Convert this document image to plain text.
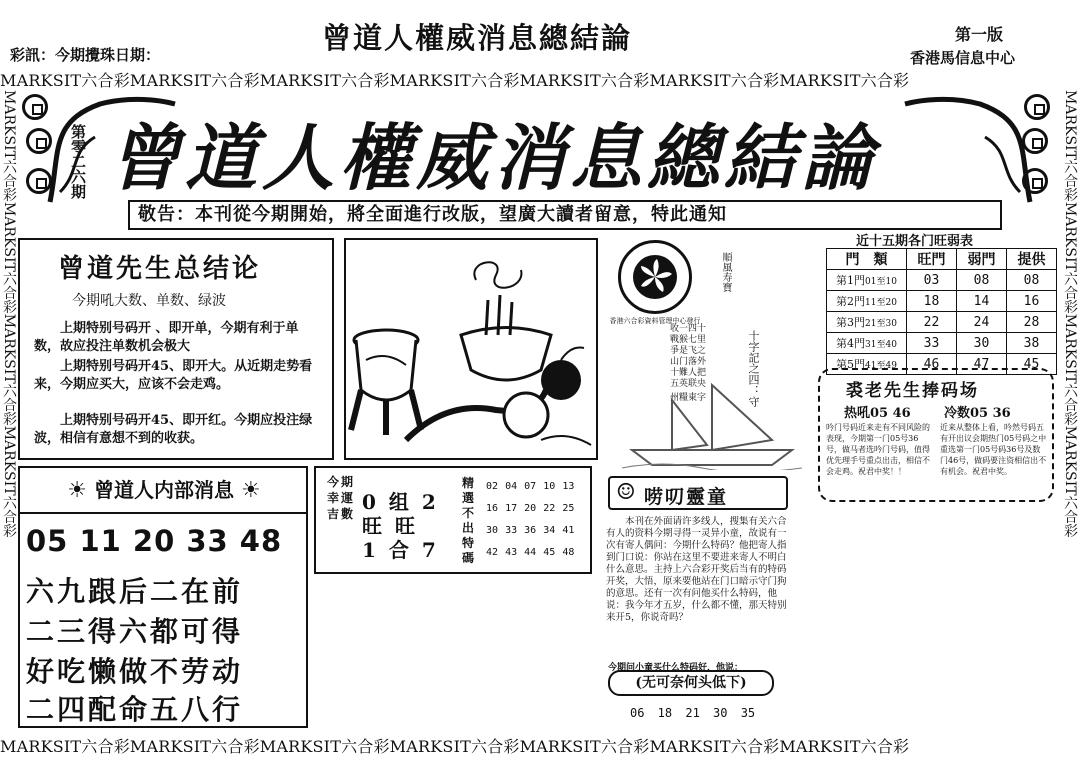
彩訊：今期攪珠日期：	曾道人權威消息總結論	第一版
香港馬信息中心
MARKSIT六合彩MARKSIT六合彩MARKSIT六合彩MARKSIT六合彩MARKSIT六合彩MARKSIT六合彩MARKSIT六合彩
MARKSIT六合彩MARKSIT六合彩MARKSIT六合彩MARKSIT六合彩MARKSIT六合彩MARKSIT六合彩MARKSIT六合彩
MARKSIT六合彩MARKSIT六合彩MARKSIT六合彩MARKSIT六合彩	MARKSIT六合彩MARKSIT六合彩MARKSIT六合彩MARKSIT六合彩
第零二六期 曾道人權威消息總結論
敬告：本刊從今期開始，將全面進行改版，望廣大讀者留意，特此通知
曾道先生总结论
今期吼大数、单数、绿波
上期特别号码开 、即开单，今期有利于单数，故应投注单数机会极大
上期特别号码开45、即开大。从近期走势看来，今期应买大，应该不会走鸡。
上期特别号码开45、即开红。今期应投注绿波，相信有意想不到的收获。
香港六合彩資料管理中心發行
順風寿寶
收一四十
戰猴七里
爭是飞之
山门落外
十難人把
五英联央
州糧東字	十字記之四：守
近十五期各门旺弱表
門　類	旺門	弱門	提供
第1門01至10	03	08	08
第2門11至20	18	14	16
第3門21至30	22	24	28
第4門31至40	33	30	38
第5門41至49	46	47	45
裘老先生捧码场
热吼05 46	冷数05 36
吟门号码近来走有不同风险的表现，今期第一门05号36号，做马者选吟门号码，值得优先理手号重点出击，相信不会走鸡。祝君中奖！！
近来从整体上看，吟然号码五有开出议会期热门05号码之中重选第一门05号码36号及数门46号，做码要注资相信出不有机会。祝君中奖。
☀ 曾道人内部消息 ☀
05 11 20 33 48
六九跟后二在前
二三得六都可得
好吃懒做不劳动
二四配命五八行
今期幸運吉數 0 组 2
旺 旺
1 合 7
精選不出特碼
02 04 07 10 13
16 17 20 22 25
30 33 36 34 41
42 43 44 45 48
☺ 唠叨靈童
本刊在外面请许多线人，搜集有关六合有人的资料今期寻得一灵异小童，故说有一次有寄人偶问：今期什么特码？他把寄人指到门口说：你站在这里不要进来寄人不明白什么意思。主持上六合彩开奖后当有的特码开奖，大悟，原来要他站在门口暗示守门狗的意思。还有一次有问他买什么特码，他说：我今年才五岁，什么都不懂，那天特别来开5，你说奇吗？
今期问小童买什么特码好，他说：
(无可奈何头低下)
06 18 21 30 35
